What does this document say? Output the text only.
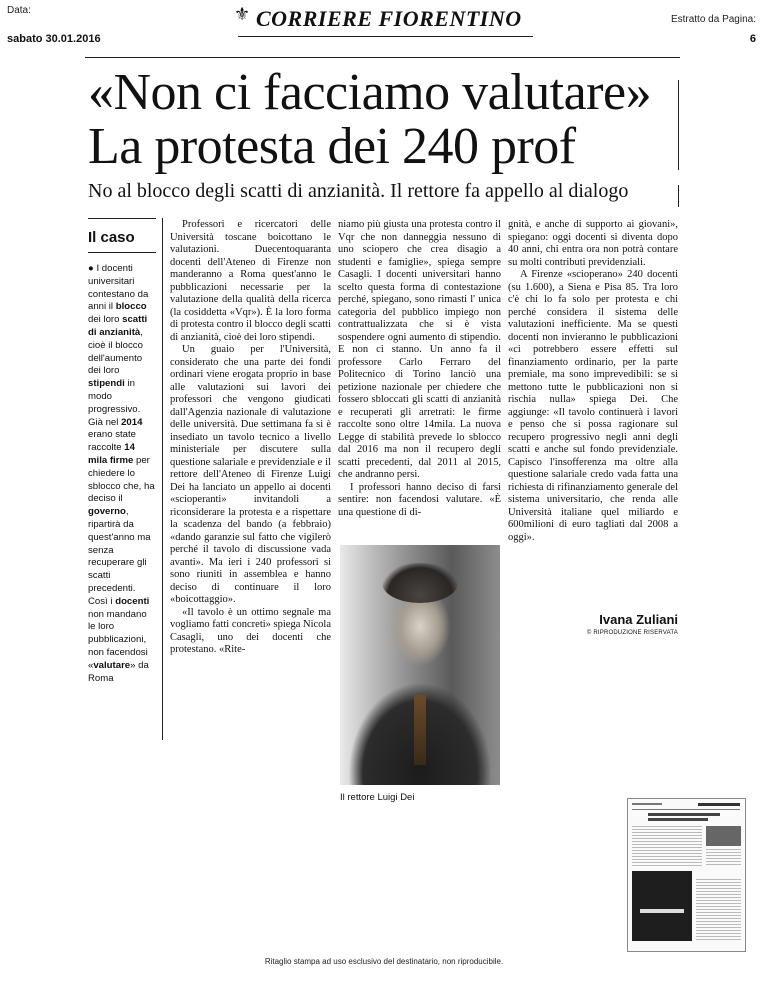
Data:
sabato 30.01.2016
⚜ CORRIERE FIORENTINO	Estratto da Pagina:
6
«Non ci facciamo valutare»
La protesta dei 240 prof
No al blocco degli scatti di anzianità. Il rettore fa appello al dialogo
Il caso
● I docenti universitari contestano da anni il blocco dei loro scatti di anzianità, cioè il blocco dell'aumento dei loro stipendi in modo progressivo. Già nel 2014 erano state raccolte 14 mila firme per chiedere lo sblocco che, ha deciso il governo, ripartirà da quest'anno ma senza recuperare gli scatti precedenti. Così i docenti non mandano le loro pubblicazioni, non facendosi «valutare» da Roma

Professori e ricercatori delle Università toscane boicottano le valutazioni. Duecentoquaranta docenti dell'Ateneo di Firenze non manderanno a Roma quest'anno le pubblicazioni necessarie per la valutazione della qualità della ricerca (la cosiddetta «Vqr»). È la loro forma di protesta contro il blocco degli scatti di anzianità, cioè dei loro stipendi.

Un guaio per l'Università, considerato che una parte dei fondi ordinari viene erogata proprio in base alle valutazioni sui lavori dei professori che vengono giudicati dall'Agenzia nazionale di valutazione delle università. Due settimana fa si è insediato un tavolo tecnico a livello ministeriale per discutere sulla questione salariale e previdenziale e il rettore dell'Ateneo di Firenze Luigi Dei ha lanciato un appello ai docenti «scioperanti» invitandoli a riconsiderare la protesta e a rispettare la scadenza del bando (a febbraio) «dando garanzie sul fatto che vigilerò perché il tavolo di discussione vada avanti». Ma ieri i 240 professori si sono riuniti in assemblea e hanno deciso di continuare il loro «boicottaggio».

«Il tavolo è un ottimo segnale ma vogliamo fatti concreti» spiega Nicola Casagli, uno dei docenti che protestano. «Rite-

niamo più giusta una protesta contro il Vqr che non danneggia nessuno di uno sciopero che crea disagio a studenti e famiglie», spiega sempre Casagli. I docenti universitari hanno scelto questa forma di contestazione perché, spiegano, sono rimasti l' unica categoria del pubblico impiego non contrattualizzata che si è vista sospendere ogni aumento di stipendio. E non ci stanno. Un anno fa il professore Carlo Ferraro del Politecnico di Torino lanciò una petizione nazionale per chiedere che fossero sbloccati gli scatti di anzianità e recuperati gli arretrati: le firme raccolte sono oltre 14mila. La nuova Legge di stabilità prevede lo sblocco dal 2016 ma non il recupero degli scatti precedenti, dal 2011 al 2015, che andranno persi.

I professori hanno deciso di farsi sentire: non facendosi valutare. «È una questione di di-

gnità, e anche di supporto ai giovani», spiegano: oggi docenti si diventa dopo 40 anni, chi entra ora non potrà contare su molti contributi previdenziali.

A Firenze «scioperano» 240 docenti (su 1.600), a Siena e Pisa 85. Tra loro c'è chi lo fa solo per protesta e chi perché considera il sistema delle valutazioni inefficiente. Ma se questi docenti non invieranno le pubblicazioni «ci potrebbero essere effetti sul finanziamento ordinario, per la parte premiale, ma sono imprevedibili: se si mettono tutte le pubblicazioni non si rischia nulla» spiega Dei. Che aggiunge: «Il tavolo continuerà i lavori e penso che si possa ragionare sul recupero progressivo negli anni degli scatti e anche sul fondo previdenziale. Capisco l'insofferenza ma oltre alla questione salariale credo vada fatta una richiesta di rifinanziamento generale del sistema universitario, che renda alle Università italiane quel miliardo e 600milioni di euro tagliati dal 2008 a oggi».

Ivana Zuliani
© RIPRODUZIONE RISERVATA
Il rettore Luigi Dei
Ritaglio stampa ad uso esclusivo del destinatario, non riproducibile.
